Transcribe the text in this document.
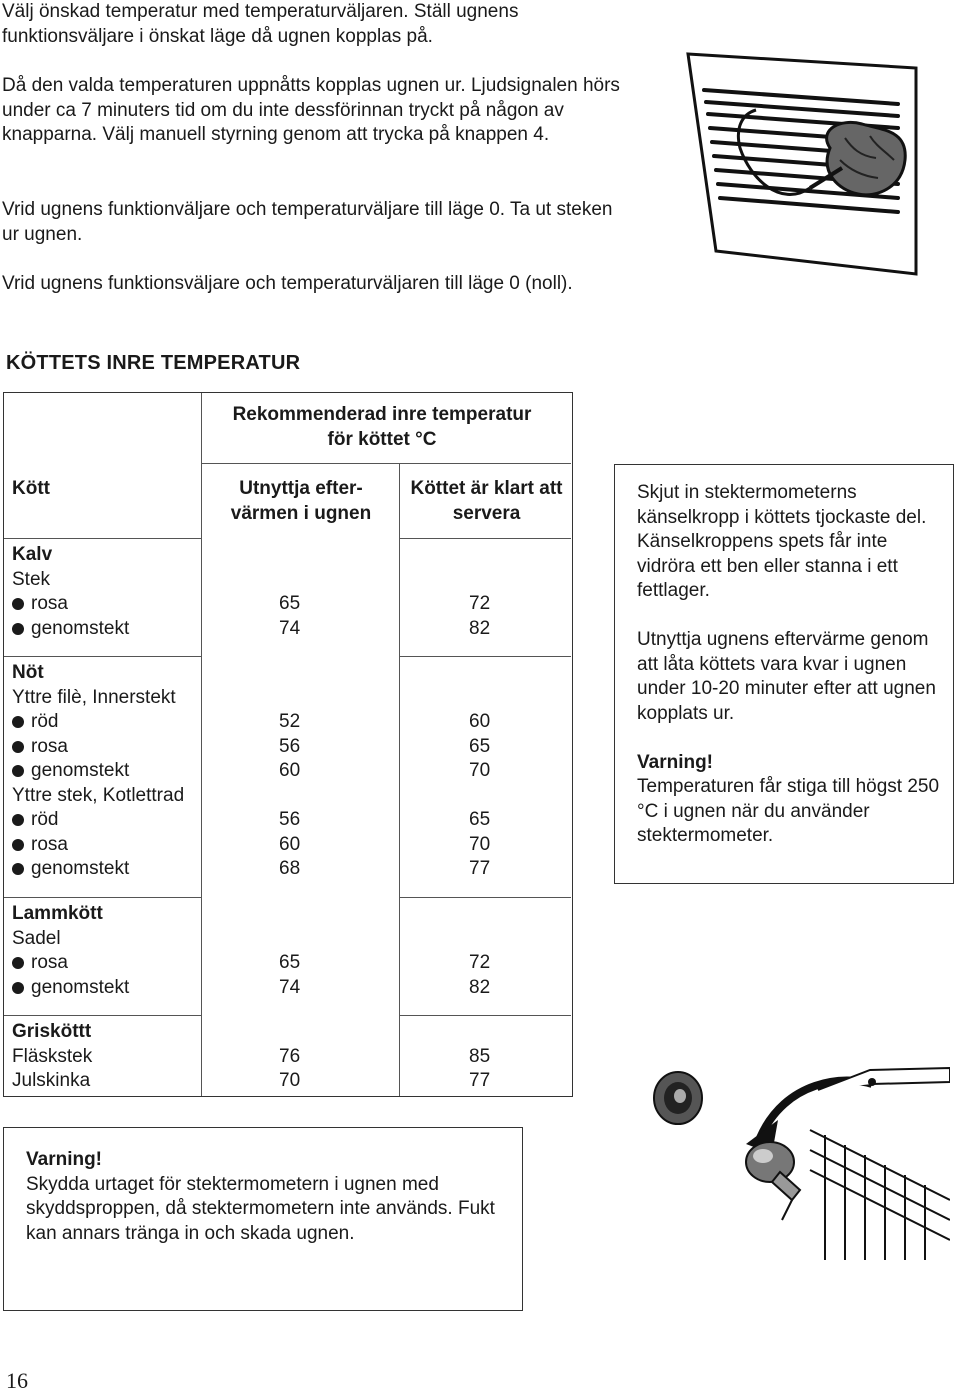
Välj önskad temperatur med temperaturväljaren. Ställ ugnens funktionsväljare i önskat läge då ugnen kopplas på.

Då den valda temperaturen uppnåtts kopplas ugnen ur. Ljudsignalen hörs under ca 7 minuters tid om du inte dessförinnan tryckt på någon av knapparna. Välj manuell styrning genom att trycka på knappen 4.

Vrid ugnens funktionväljare och temperaturväljare till läge 0. Ta ut steken ur ugnen.

Vrid ugnens funktionsväljare och temperaturväljaren till läge 0 (noll).

KÖTTETS INRE TEMPERATUR
Rekommenderad inre temperatur för köttet °C
Kött	Utnyttja efter-värmen i ugnen
Köttet är klart att servera
Kalv
Stek
rosa	65	72
genomstekt	74	82
Nöt
Yttre filè, Innerstekt
röd	52	60
rosa	56	65
genomstekt	60	70
Yttre stek, Kotlettrad
röd	56	65
rosa	60	70
genomstekt	68	77
Lammkött
Sadel
rosa	65	72
genomstekt	74	82
Grisköttt
Fläskstek	76	85
Julskinka	70	77

Skjut in stektermometerns känselkropp i köttets tjockaste del. Känselkroppens spets får inte vidröra ett ben eller stanna i ett fettlager.

Utnyttja ugnens eftervärme genom att låta köttets vara kvar i ugnen under 10-20 minuter efter att ugnen kopplats ur.

Varning!
Temperaturen får stiga till högst 250 °C i ugnen när du använder stektermometer.
Varning!
Skydda urtaget för stektermometern i ugnen med skyddsproppen, då stektermometern inte används. Fukt kan annars tränga in och skada ugnen.
16
